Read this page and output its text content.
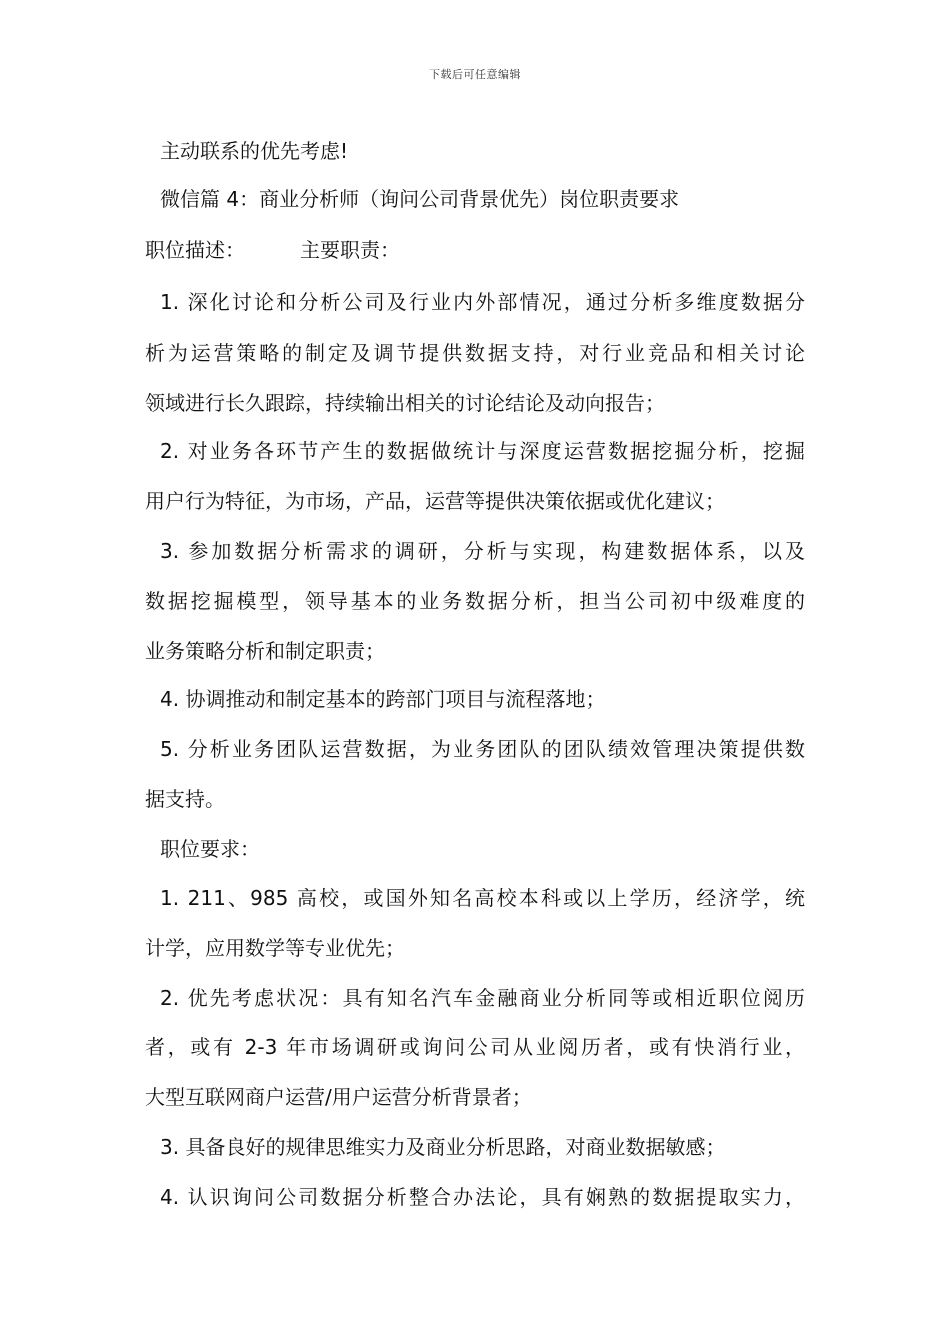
下载后可任意编辑
主动联系的优先考虑!
微信篇 4：商业分析师（询问公司背景优先）岗位职责要求
职位描述：	主要职责：
1. 深化讨论和分析公司及行业内外部情况，通过分析多维度数据分
析为运营策略的制定及调节提供数据支持，对行业竞品和相关讨论
领域进行长久跟踪，持续输出相关的讨论结论及动向报告；
2. 对业务各环节产生的数据做统计与深度运营数据挖掘分析，挖掘
用户行为特征，为市场，产品，运营等提供决策依据或优化建议；
3. 参加数据分析需求的调研，分析与实现，构建数据体系，以及
数据挖掘模型，领导基本的业务数据分析，担当公司初中级难度的
业务策略分析和制定职责；
4. 协调推动和制定基本的跨部门项目与流程落地；
5. 分析业务团队运营数据，为业务团队的团队绩效管理决策提供数
据支持。
职位要求：
1. 211、985 高校，或国外知名高校本科或以上学历，经济学，统
计学，应用数学等专业优先；
2. 优先考虑状况：具有知名汽车金融商业分析同等或相近职位阅历
者，或有 2-3 年市场调研或询问公司从业阅历者，或有快消行业，
大型互联网商户运营/用户运营分析背景者；
3. 具备良好的规律思维实力及商业分析思路，对商业数据敏感；
4. 认识询问公司数据分析整合办法论，具有娴熟的数据提取实力，
